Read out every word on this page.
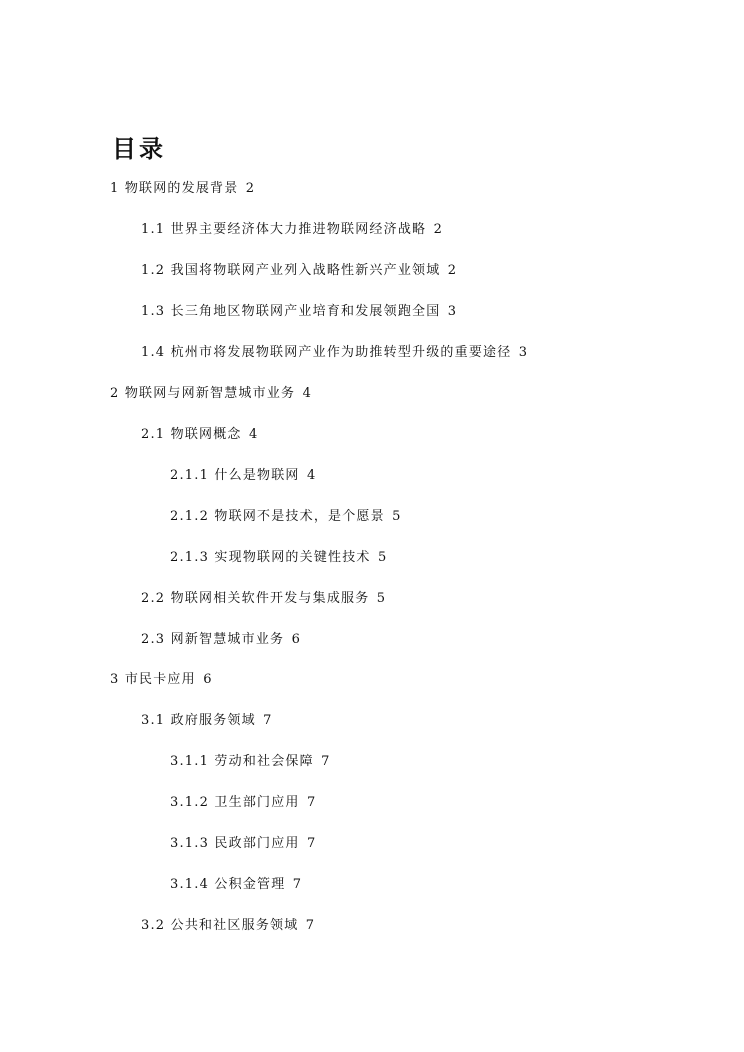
目录
1 物联网的发展背景 2
1.1 世界主要经济体大力推进物联网经济战略 2
1.2 我国将物联网产业列入战略性新兴产业领域 2
1.3 长三角地区物联网产业培育和发展领跑全国 3
1.4 杭州市将发展物联网产业作为助推转型升级的重要途径 3
2 物联网与网新智慧城市业务 4
2.1 物联网概念 4
2.1.1 什么是物联网 4
2.1.2 物联网不是技术，是个愿景 5
2.1.3 实现物联网的关键性技术 5
2.2 物联网相关软件开发与集成服务 5
2.3 网新智慧城市业务 6
3 市民卡应用 6
3.1 政府服务领域 7
3.1.1 劳动和社会保障 7
3.1.2 卫生部门应用 7
3.1.3 民政部门应用 7
3.1.4 公积金管理 7
3.2 公共和社区服务领域 7
